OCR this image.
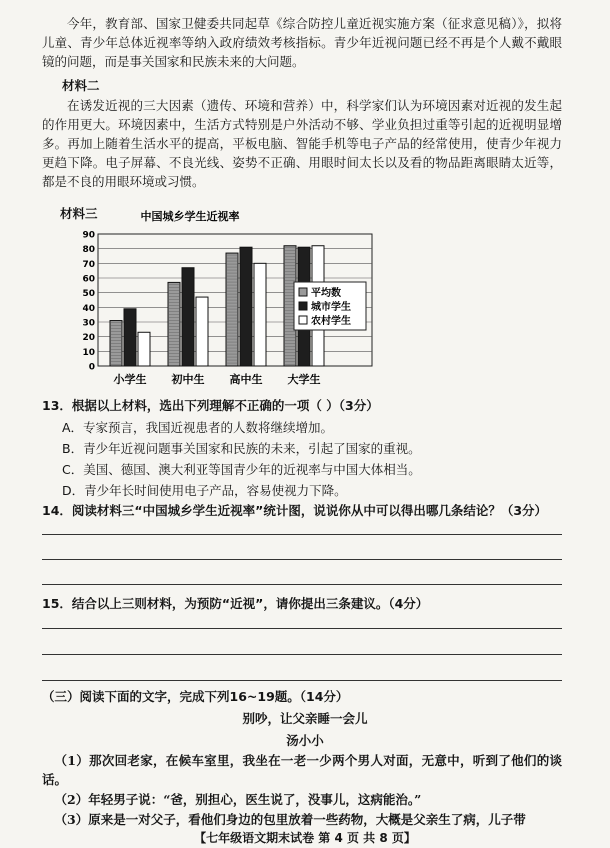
今年，教育部、国家卫健委共同起草《综合防控儿童近视实施方案（征求意见稿）》，拟将儿童、青少年总体近视率等纳入政府绩效考核指标。青少年近视问题已经不再是个人戴不戴眼镜的问题，而是事关国家和民族未来的大问题。
材料二
在诱发近视的三大因素（遗传、环境和营养）中，科学家们认为环境因素对近视的发生起的作用更大。环境因素中，生活方式特别是户外活动不够、学业负担过重等引起的近视明显增多。再加上随着生活水平的提高，平板电脑、智能手机等电子产品的经常使用，使青少年视力更趋下降。电子屏幕、不良光线、姿势不正确、用眼时间太长以及看的物品距离眼睛太近等，都是不良的用眼环境或习惯。
材料三	中国城乡学生近视率
0
10
20
30
40
50
60
70
80
90
小学生 初中生 高中生 大学生
平均数
城市学生
农村学生
13．根据以上材料，选出下列理解不正确的一项（ ）（3分）
A．专家预言，我国近视患者的人数将继续增加。
B．青少年近视问题事关国家和民族的未来，引起了国家的重视。
C．美国、德国、澳大利亚等国青少年的近视率与中国大体相当。
D．青少年长时间使用电子产品，容易使视力下降。
14．阅读材料三“中国城乡学生近视率”统计图，说说你从中可以得出哪几条结论？（3分）
15．结合以上三则材料，为预防“近视”，请你提出三条建议。（4分）
（三）阅读下面的文字，完成下列16~19题。（14分）
别吵，让父亲睡一会儿
汤小小
（1）那次回老家，在候车室里，我坐在一老一少两个男人对面，无意中，听到了他们的谈话。
（2）年轻男子说：“爸，别担心，医生说了，没事儿，这病能治。”
（3）原来是一对父子，看他们身边的包里放着一些药物，大概是父亲生了病，儿子带
【七年级语文期末试卷 第 4 页 共 8 页】
